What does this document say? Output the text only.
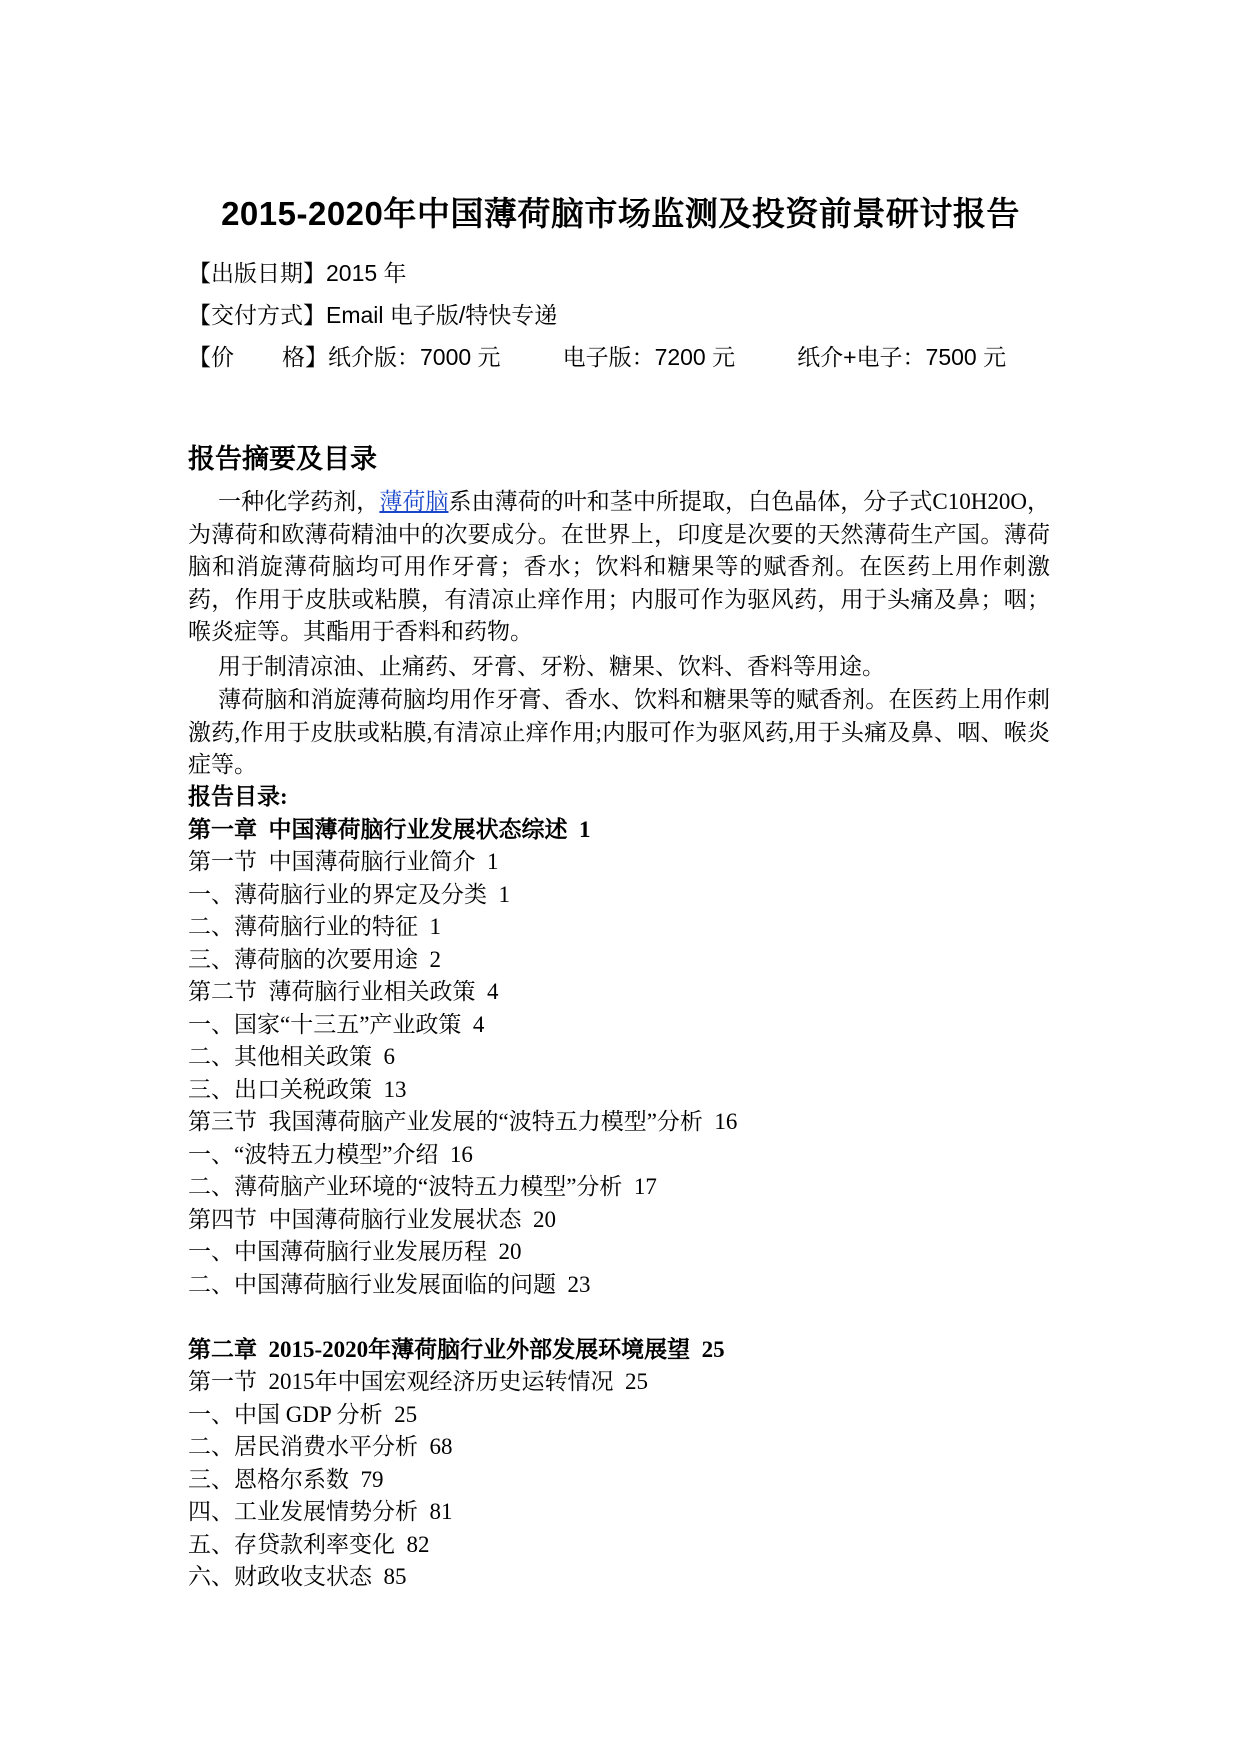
2015-2020年中国薄荷脑市场监测及投资前景研讨报告
【出版日期】2015 年
【交付方式】Email 电子版/特快专递
【价 格】纸介版：7000 元	电子版：7200 元	纸介+电子：7500 元
报告摘要及目录
一种化学药剂，薄荷脑系由薄荷的叶和茎中所提取，白色晶体，分子式C10H20O，为薄荷和欧薄荷精油中的次要成分。在世界上，印度是次要的天然薄荷生产国。薄荷脑和消旋薄荷脑均可用作牙膏；香水；饮料和糖果等的赋香剂。在医药上用作刺激药，作用于皮肤或粘膜，有清凉止痒作用；内服可作为驱风药，用于头痛及鼻；咽；喉炎症等。其酯用于香料和药物。
用于制清凉油、止痛药、牙膏、牙粉、糖果、饮料、香料等用途。
薄荷脑和消旋薄荷脑均用作牙膏、香水、饮料和糖果等的赋香剂。在医药上用作刺激药,作用于皮肤或粘膜,有清凉止痒作用;内服可作为驱风药,用于头痛及鼻、咽、喉炎症等。
报告目录:
第一章  中国薄荷脑行业发展状态综述  1
第一节  中国薄荷脑行业简介  1
一、薄荷脑行业的界定及分类  1
二、薄荷脑行业的特征  1
三、薄荷脑的次要用途  2
第二节  薄荷脑行业相关政策  4
一、国家“十三五”产业政策  4
二、其他相关政策  6
三、出口关税政策  13
第三节  我国薄荷脑产业发展的“波特五力模型”分析  16
一、“波特五力模型”介绍  16
二、薄荷脑产业环境的“波特五力模型”分析  17
第四节  中国薄荷脑行业发展状态  20
一、中国薄荷脑行业发展历程  20
二、中国薄荷脑行业发展面临的问题  23
第二章  2015-2020年薄荷脑行业外部发展环境展望  25
第一节  2015年中国宏观经济历史运转情况  25
一、中国 GDP 分析  25
二、居民消费水平分析  68
三、恩格尔系数  79
四、工业发展情势分析  81
五、存贷款利率变化  82
六、财政收支状态  85
